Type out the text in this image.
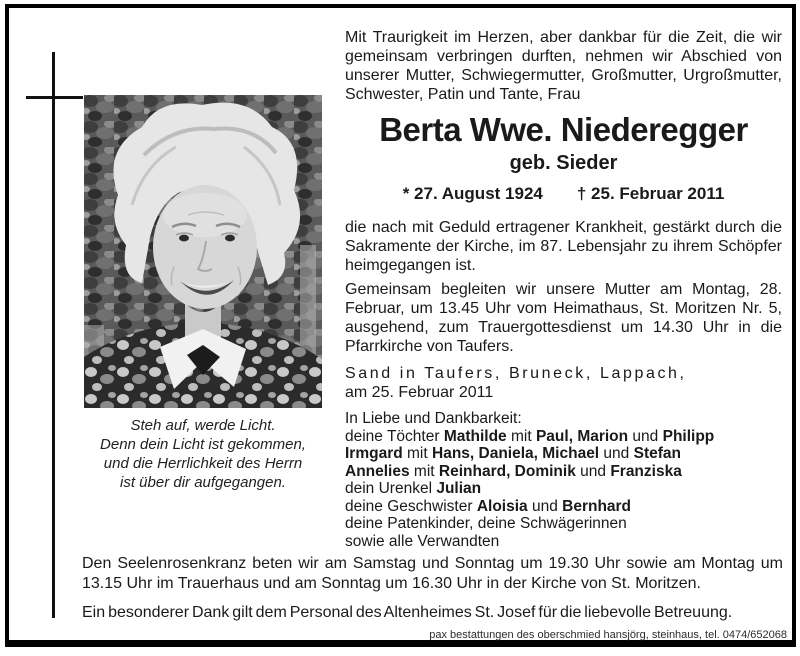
Steh auf, werde Licht.
Denn dein Licht ist gekommen,
und die Herrlichkeit des Herrn
ist über dir aufgegangen.

Mit Traurigkeit im Herzen, aber dankbar für die Zeit, die wir gemeinsam verbringen durften, nehmen wir Abschied von unserer Mutter, Schwiegermutter, Großmutter, Urgroßmutter, Schwester, Patin und Tante, Frau

Berta Wwe. Niederegger
geb. Sieder
* 27. August 1924 † 25. Februar 2011

die nach mit Geduld ertragener Krankheit, gestärkt durch die Sakramente der Kirche, im 87. Lebensjahr zu ihrem Schöpfer heimgegangen ist.

Gemeinsam begleiten wir unsere Mutter am Montag, 28. Februar, um 13.45 Uhr vom Heimathaus, St. Moritzen Nr. 5, ausgehend, zum Trauergottesdienst um 14.30 Uhr in die Pfarrkirche von Taufers.

Sand in Taufers, Bruneck, Lappach,
am 25. Februar 2011
In Liebe und Dankbarkeit:
deine Töchter Mathilde mit Paul, Marion und Philipp
Irmgard mit Hans, Daniela, Michael und Stefan
Annelies mit Reinhard, Dominik und Franziska
dein Urenkel Julian
deine Geschwister Aloisia und Bernhard
deine Patenkinder, deine Schwägerinnen
sowie alle Verwandten

Den Seelenrosenkranz beten wir am Samstag und Sonntag um 19.30 Uhr sowie am Montag um 13.15 Uhr im Trauerhaus und am Sonntag um 16.30 Uhr in der Kirche von St. Moritzen.

Ein besonderer Dank gilt dem Personal des Altenheimes St. Josef für die liebevolle Betreuung.

pax bestattungen des oberschmied hansjörg, steinhaus, tel. 0474/652068
